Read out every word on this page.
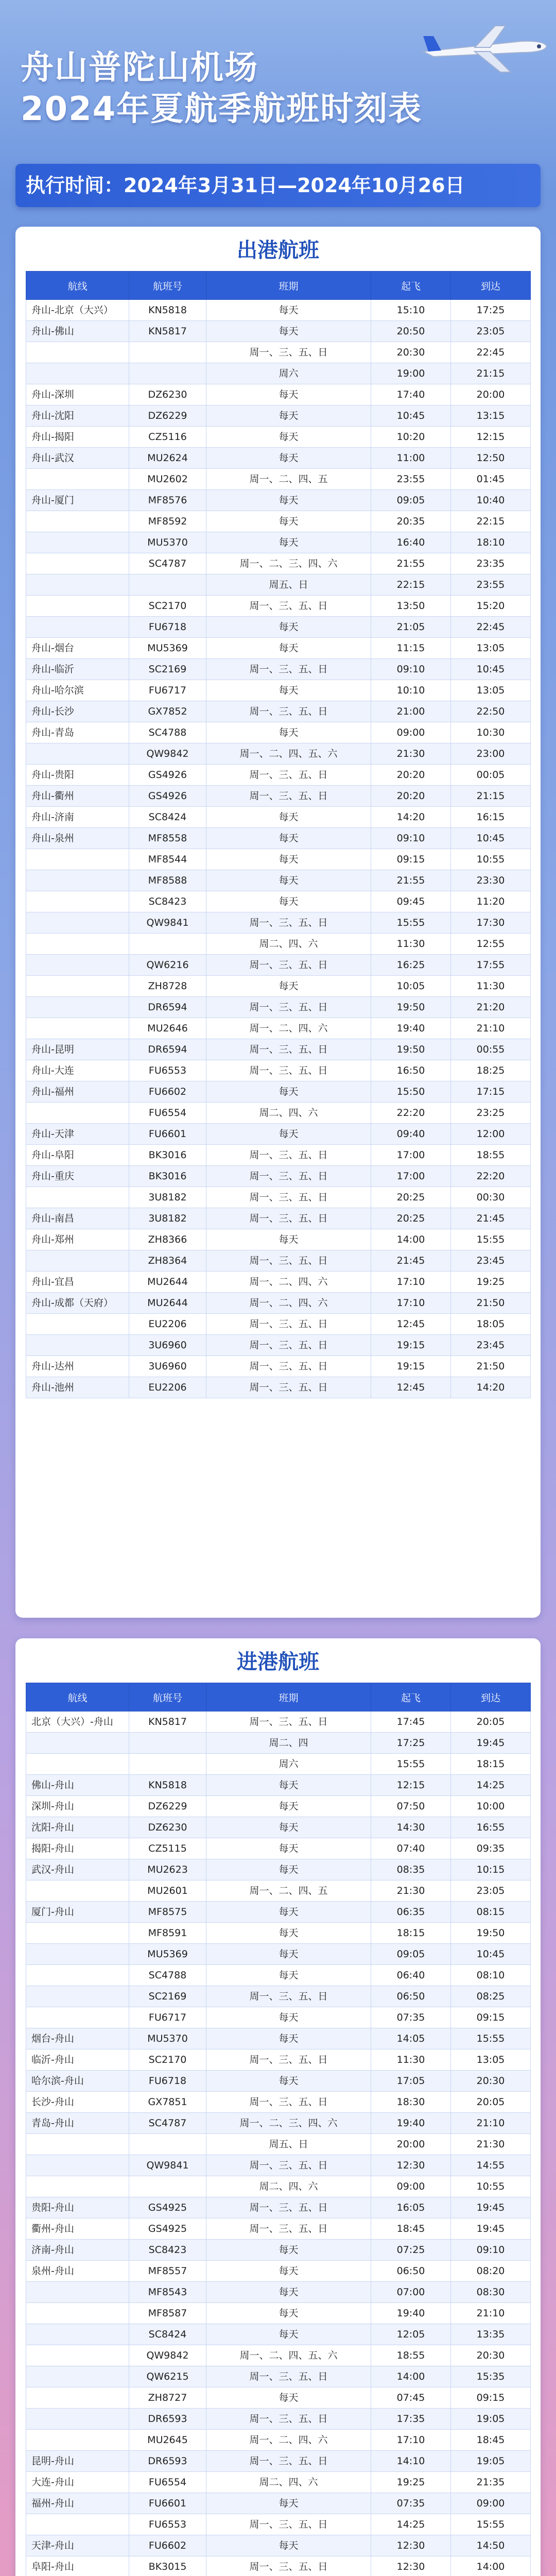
舟山普陀山机场
2024年夏航季航班时刻表
执行时间：2024年3月31日—2024年10月26日
出港航班
航线	航班号	班期	起飞	到达
舟山-北京（大兴）	KN5818	每天	15:10	17:25
舟山-佛山	KN5817	每天	20:50	23:05
		周一、三、五、日	20:30	22:45
		周六	19:00	21:15
舟山-深圳	DZ6230	每天	17:40	20:00
舟山-沈阳	DZ6229	每天	10:45	13:15
舟山-揭阳	CZ5116	每天	10:20	12:15
舟山-武汉	MU2624	每天	11:00	12:50
	MU2602	周一、二、四、五	23:55	01:45
舟山-厦门	MF8576	每天	09:05	10:40
	MF8592	每天	20:35	22:15
	MU5370	每天	16:40	18:10
	SC4787	周一、二、三、四、六	21:55	23:35
		周五、日	22:15	23:55
	SC2170	周一、三、五、日	13:50	15:20
	FU6718	每天	21:05	22:45
舟山-烟台	MU5369	每天	11:15	13:05
舟山-临沂	SC2169	周一、三、五、日	09:10	10:45
舟山-哈尔滨	FU6717	每天	10:10	13:05
舟山-长沙	GX7852	周一、三、五、日	21:00	22:50
舟山-青岛	SC4788	每天	09:00	10:30
	QW9842	周一、二、四、五、六	21:30	23:00
舟山-贵阳	GS4926	周一、三、五、日	20:20	00:05
舟山-衢州	GS4926	周一、三、五、日	20:20	21:15
舟山-济南	SC8424	每天	14:20	16:15
舟山-泉州	MF8558	每天	09:10	10:45
	MF8544	每天	09:15	10:55
	MF8588	每天	21:55	23:30
	SC8423	每天	09:45	11:20
	QW9841	周一、三、五、日	15:55	17:30
		周二、四、六	11:30	12:55
	QW6216	周一、三、五、日	16:25	17:55
	ZH8728	每天	10:05	11:30
	DR6594	周一、三、五、日	19:50	21:20
	MU2646	周一、二、四、六	19:40	21:10
舟山-昆明	DR6594	周一、三、五、日	19:50	00:55
舟山-大连	FU6553	周一、三、五、日	16:50	18:25
舟山-福州	FU6602	每天	15:50	17:15
	FU6554	周二、四、六	22:20	23:25
舟山-天津	FU6601	每天	09:40	12:00
舟山-阜阳	BK3016	周一、三、五、日	17:00	18:55
舟山-重庆	BK3016	周一、三、五、日	17:00	22:20
	3U8182	周一、三、五、日	20:25	00:30
舟山-南昌	3U8182	周一、三、五、日	20:25	21:45
舟山-郑州	ZH8366	每天	14:00	15:55
	ZH8364	周一、三、五、日	21:45	23:45
舟山-宜昌	MU2644	周一、二、四、六	17:10	19:25
舟山-成都（天府）	MU2644	周一、二、四、六	17:10	21:50
	EU2206	周一、三、五、日	12:45	18:05
	3U6960	周一、三、五、日	19:15	23:45
舟山-达州	3U6960	周一、三、五、日	19:15	21:50
舟山-池州	EU2206	周一、三、五、日	12:45	14:20
进港航班
航线	航班号	班期	起飞	到达
北京（大兴）-舟山	KN5817	周一、三、五、日	17:45	20:05
		周二、四	17:25	19:45
		周六	15:55	18:15
佛山-舟山	KN5818	每天	12:15	14:25
深圳-舟山	DZ6229	每天	07:50	10:00
沈阳-舟山	DZ6230	每天	14:30	16:55
揭阳-舟山	CZ5115	每天	07:40	09:35
武汉-舟山	MU2623	每天	08:35	10:15
	MU2601	周一、二、四、五	21:30	23:05
厦门-舟山	MF8575	每天	06:35	08:15
	MF8591	每天	18:15	19:50
	MU5369	每天	09:05	10:45
	SC4788	每天	06:40	08:10
	SC2169	周一、三、五、日	06:50	08:25
	FU6717	每天	07:35	09:15
烟台-舟山	MU5370	每天	14:05	15:55
临沂-舟山	SC2170	周一、三、五、日	11:30	13:05
哈尔滨-舟山	FU6718	每天	17:05	20:30
长沙-舟山	GX7851	周一、三、五、日	18:30	20:05
青岛-舟山	SC4787	周一、二、三、四、六	19:40	21:10
		周五、日	20:00	21:30
	QW9841	周一、三、五、日	12:30	14:55
		周二、四、六	09:00	10:55
贵阳-舟山	GS4925	周一、三、五、日	16:05	19:45
衢州-舟山	GS4925	周一、三、五、日	18:45	19:45
济南-舟山	SC8423	每天	07:25	09:10
泉州-舟山	MF8557	每天	06:50	08:20
	MF8543	每天	07:00	08:30
	MF8587	每天	19:40	21:10
	SC8424	每天	12:05	13:35
	QW9842	周一、二、四、五、六	18:55	20:30
	QW6215	周一、三、五、日	14:00	15:35
	ZH8727	每天	07:45	09:15
	DR6593	周一、三、五、日	17:35	19:05
	MU2645	周一、二、四、六	17:10	18:45
昆明-舟山	DR6593	周一、三、五、日	14:10	19:05
大连-舟山	FU6554	周二、四、六	19:25	21:35
福州-舟山	FU6601	每天	07:35	09:00
	FU6553	周一、三、五、日	14:25	15:55
天津-舟山	FU6602	每天	12:30	14:50
阜阳-舟山	BK3015	周一、三、五、日	12:30	14:00
